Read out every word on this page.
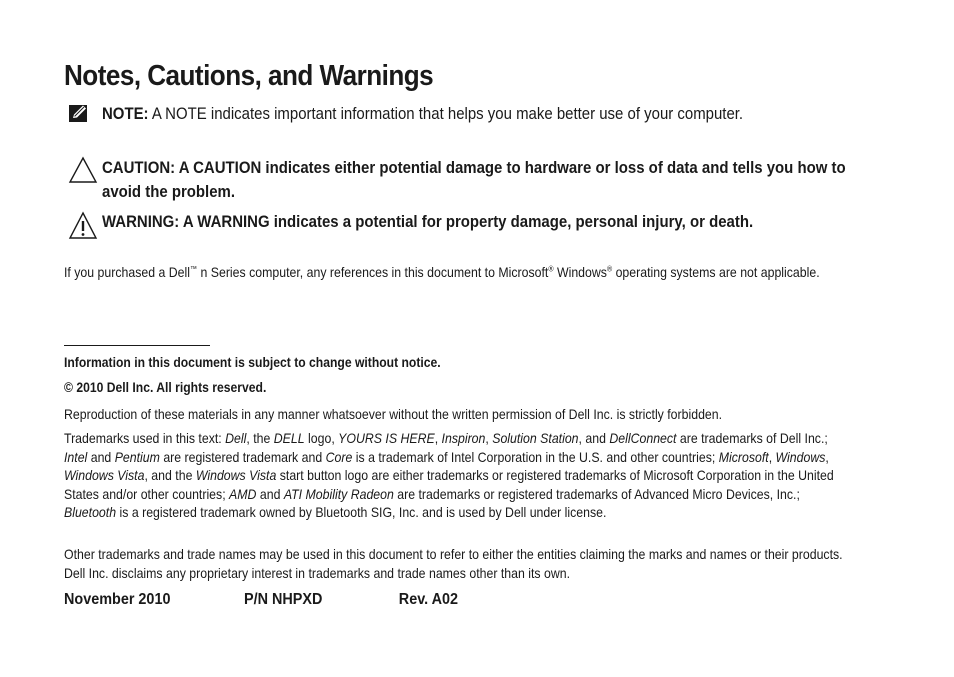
Notes, Cautions, and Warnings
NOTE: A NOTE indicates important information that helps you make better use of your computer.
CAUTION: A CAUTION indicates either potential damage to hardware or loss of data and tells you how to avoid the problem.
WARNING: A WARNING indicates a potential for property damage, personal injury, or death.

If you purchased a Dell™ n Series computer, any references in this document to Microsoft® Windows® operating systems are not applicable.

Information in this document is subject to change without notice.

© 2010 Dell Inc. All rights reserved.

Reproduction of these materials in any manner whatsoever without the written permission of Dell Inc. is strictly forbidden.

Trademarks used in this text: Dell, the DELL logo, YOURS IS HERE, Inspiron, Solution Station, and DellConnect are trademarks of Dell Inc.; Intel and Pentium are registered trademark and Core is a trademark of Intel Corporation in the U.S. and other countries; Microsoft, Windows, Windows Vista, and the Windows Vista start button logo are either trademarks or registered trademarks of Microsoft Corporation in the United States and/or other countries; AMD and ATI Mobility Radeon are trademarks or registered trademarks of Advanced Micro Devices, Inc.; Bluetooth is a registered trademark owned by Bluetooth SIG, Inc. and is used by Dell under license.

Other trademarks and trade names may be used in this document to refer to either the entities claiming the marks and names or their products. Dell Inc. disclaims any proprietary interest in trademarks and trade names other than its own.

November 2010	P/N NHPXD	Rev. A02
